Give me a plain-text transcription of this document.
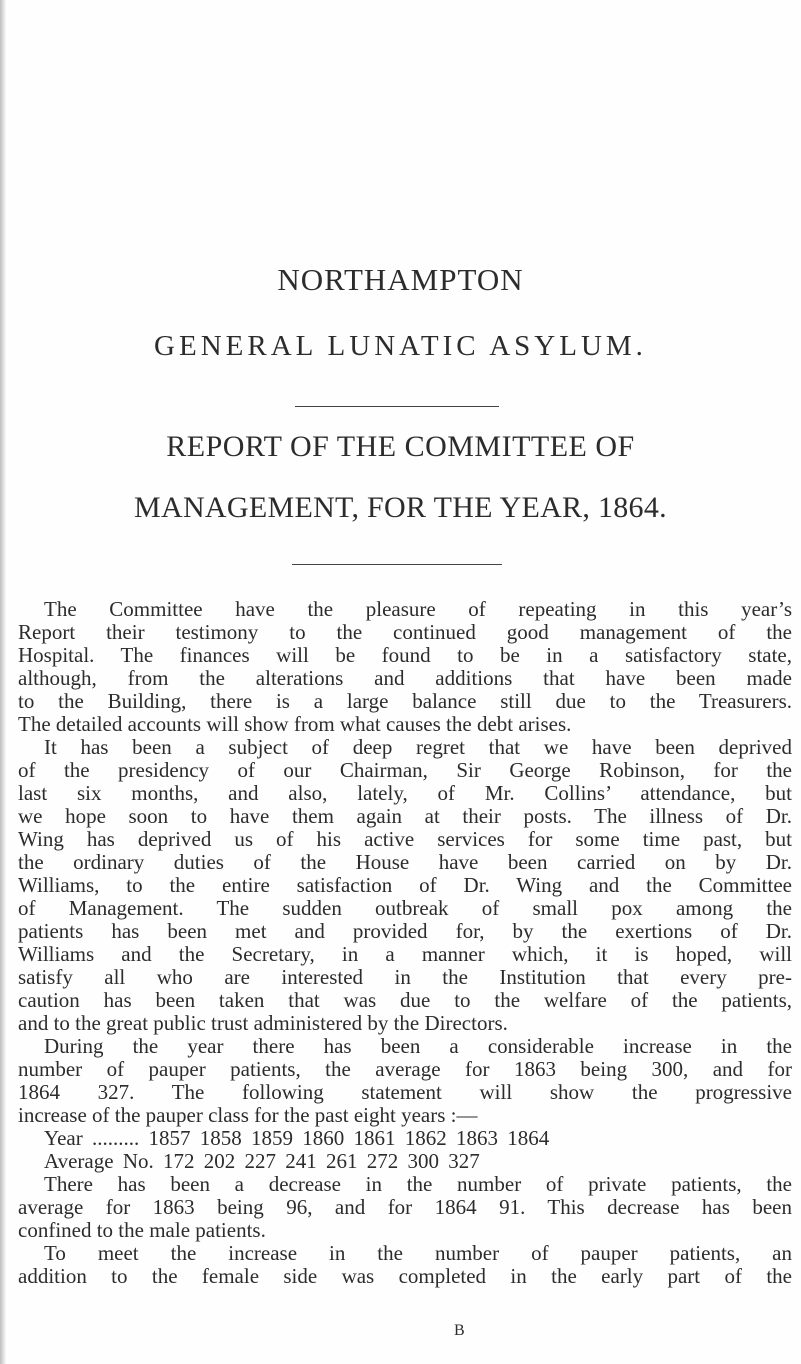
NORTHAMPTON
GENERAL LUNATIC ASYLUM.
REPORT OF THE COMMITTEE OF
MANAGEMENT, FOR THE YEAR, 1864.
The Committee have the pleasure of repeating in this year’s
Report their testimony to the continued good management of the
Hospital. The finances will be found to be in a satisfactory state,
although, from the alterations and additions that have been made
to the Building, there is a large balance still due to the Treasurers.
The detailed accounts will show from what causes the debt arises.
It has been a subject of deep regret that we have been deprived
of the presidency of our Chairman, Sir George Robinson, for the
last six months, and also, lately, of Mr. Collins’ attendance, but
we hope soon to have them again at their posts. The illness of Dr.
Wing has deprived us of his active services for some time past, but
the ordinary duties of the House have been carried on by Dr.
Williams, to the entire satisfaction of Dr. Wing and the Committee
of Management. The sudden outbreak of small pox among the
patients has been met and provided for, by the exertions of Dr.
Williams and the Secretary, in a manner which, it is hoped, will
satisfy all who are interested in the Institution that every pre-
caution has been taken that was due to the welfare of the patients,
and to the great public trust administered by the Directors.
During the year there has been a considerable increase in the
number of pauper patients, the average for 1863 being 300, and for
1864 327. The following statement will show the progressive
increase of the pauper class for the past eight years :—
Year ......... 1857 1858 1859 1860 1861 1862 1863 1864
Average No. 172 202 227 241 261 272 300 327
There has been a decrease in the number of private patients, the
average for 1863 being 96, and for 1864 91. This decrease has been
confined to the male patients.
To meet the increase in the number of pauper patients, an
addition to the female side was completed in the early part of the
B
